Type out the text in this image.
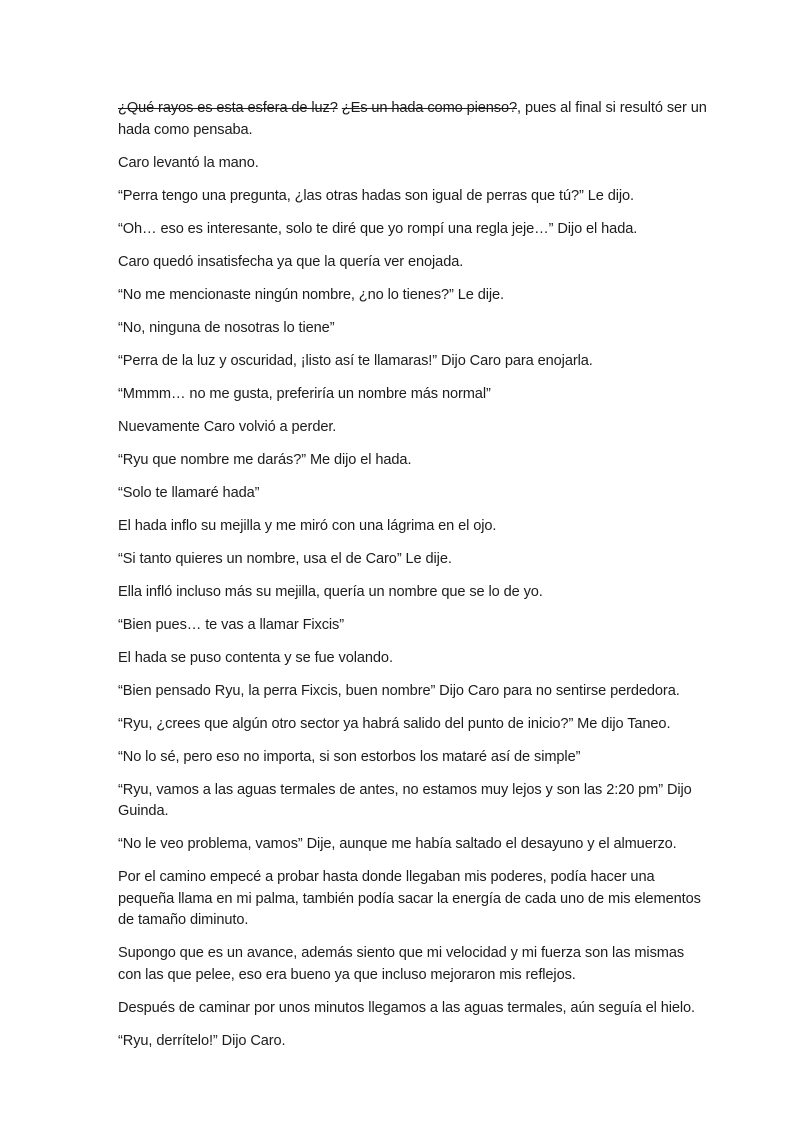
¿Qué rayos es esta esfera de luz? ¿Es un hada como pienso?, pues al final si resultó ser un hada como pensaba.

Caro levantó la mano.

“Perra tengo una pregunta, ¿las otras hadas son igual de perras que tú?” Le dijo.

“Oh… eso es interesante, solo te diré que yo rompí una regla jeje…” Dijo el hada.

Caro quedó insatisfecha ya que la quería ver enojada.

“No me mencionaste ningún nombre, ¿no lo tienes?” Le dije.

“No, ninguna de nosotras lo tiene”

“Perra de la luz y oscuridad, ¡listo así te llamaras!” Dijo Caro para enojarla.

“Mmmm… no me gusta, preferiría un nombre más normal”

Nuevamente Caro volvió a perder.

“Ryu que nombre me darás?” Me dijo el hada.

“Solo te llamaré hada”

El hada inflo su mejilla y me miró con una lágrima en el ojo.

“Si tanto quieres un nombre, usa el de Caro” Le dije.

Ella infló incluso más su mejilla, quería un nombre que se lo de yo.

“Bien pues… te vas a llamar Fixcis”

El hada se puso contenta y se fue volando.

“Bien pensado Ryu, la perra Fixcis, buen nombre” Dijo Caro para no sentirse perdedora.

“Ryu, ¿crees que algún otro sector ya habrá salido del punto de inicio?” Me dijo Taneo.

“No lo sé, pero eso no importa, si son estorbos los mataré así de simple”

“Ryu, vamos a las aguas termales de antes, no estamos muy lejos y son las 2:20 pm” Dijo Guinda.

“No le veo problema, vamos” Dije, aunque me había saltado el desayuno y el almuerzo.

Por el camino empecé a probar hasta donde llegaban mis poderes, podía hacer una pequeña llama en mi palma, también podía sacar la energía de cada uno de mis elementos de tamaño diminuto.

Supongo que es un avance, además siento que mi velocidad y mi fuerza son las mismas con las que pelee, eso era bueno ya que incluso mejoraron mis reflejos.

Después de caminar por unos minutos llegamos a las aguas termales, aún seguía el hielo.

“Ryu, derrítelo!” Dijo Caro.
